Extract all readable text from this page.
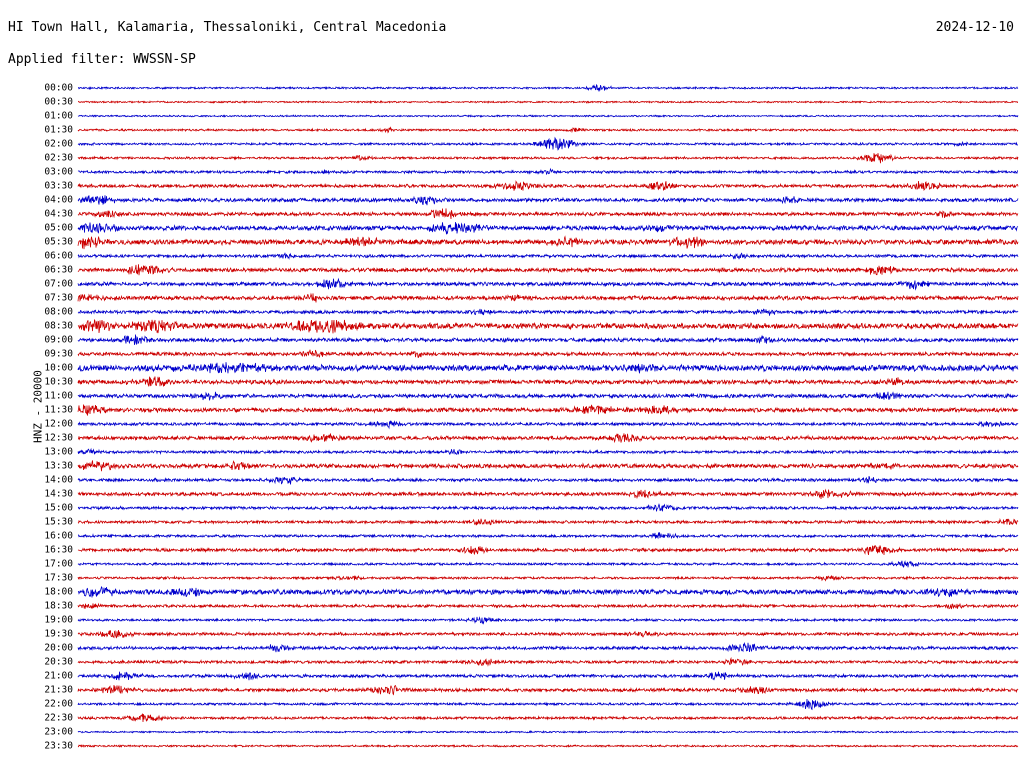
HI Town Hall, Kalamaria, Thessaloniki, Central Macedonia	2024-12-10
Applied filter: WWSSN-SP
HNZ - 20000
00:00
00:30
01:00
01:30
02:00
02:30
03:00
03:30
04:00
04:30
05:00
05:30
06:00
06:30
07:00
07:30
08:00
08:30
09:00
09:30
10:00
10:30
11:00
11:30
12:00
12:30
13:00
13:30
14:00
14:30
15:00
15:30
16:00
16:30
17:00
17:30
18:00
18:30
19:00
19:30
20:00
20:30
21:00
21:30
22:00
22:30
23:00
23:30
